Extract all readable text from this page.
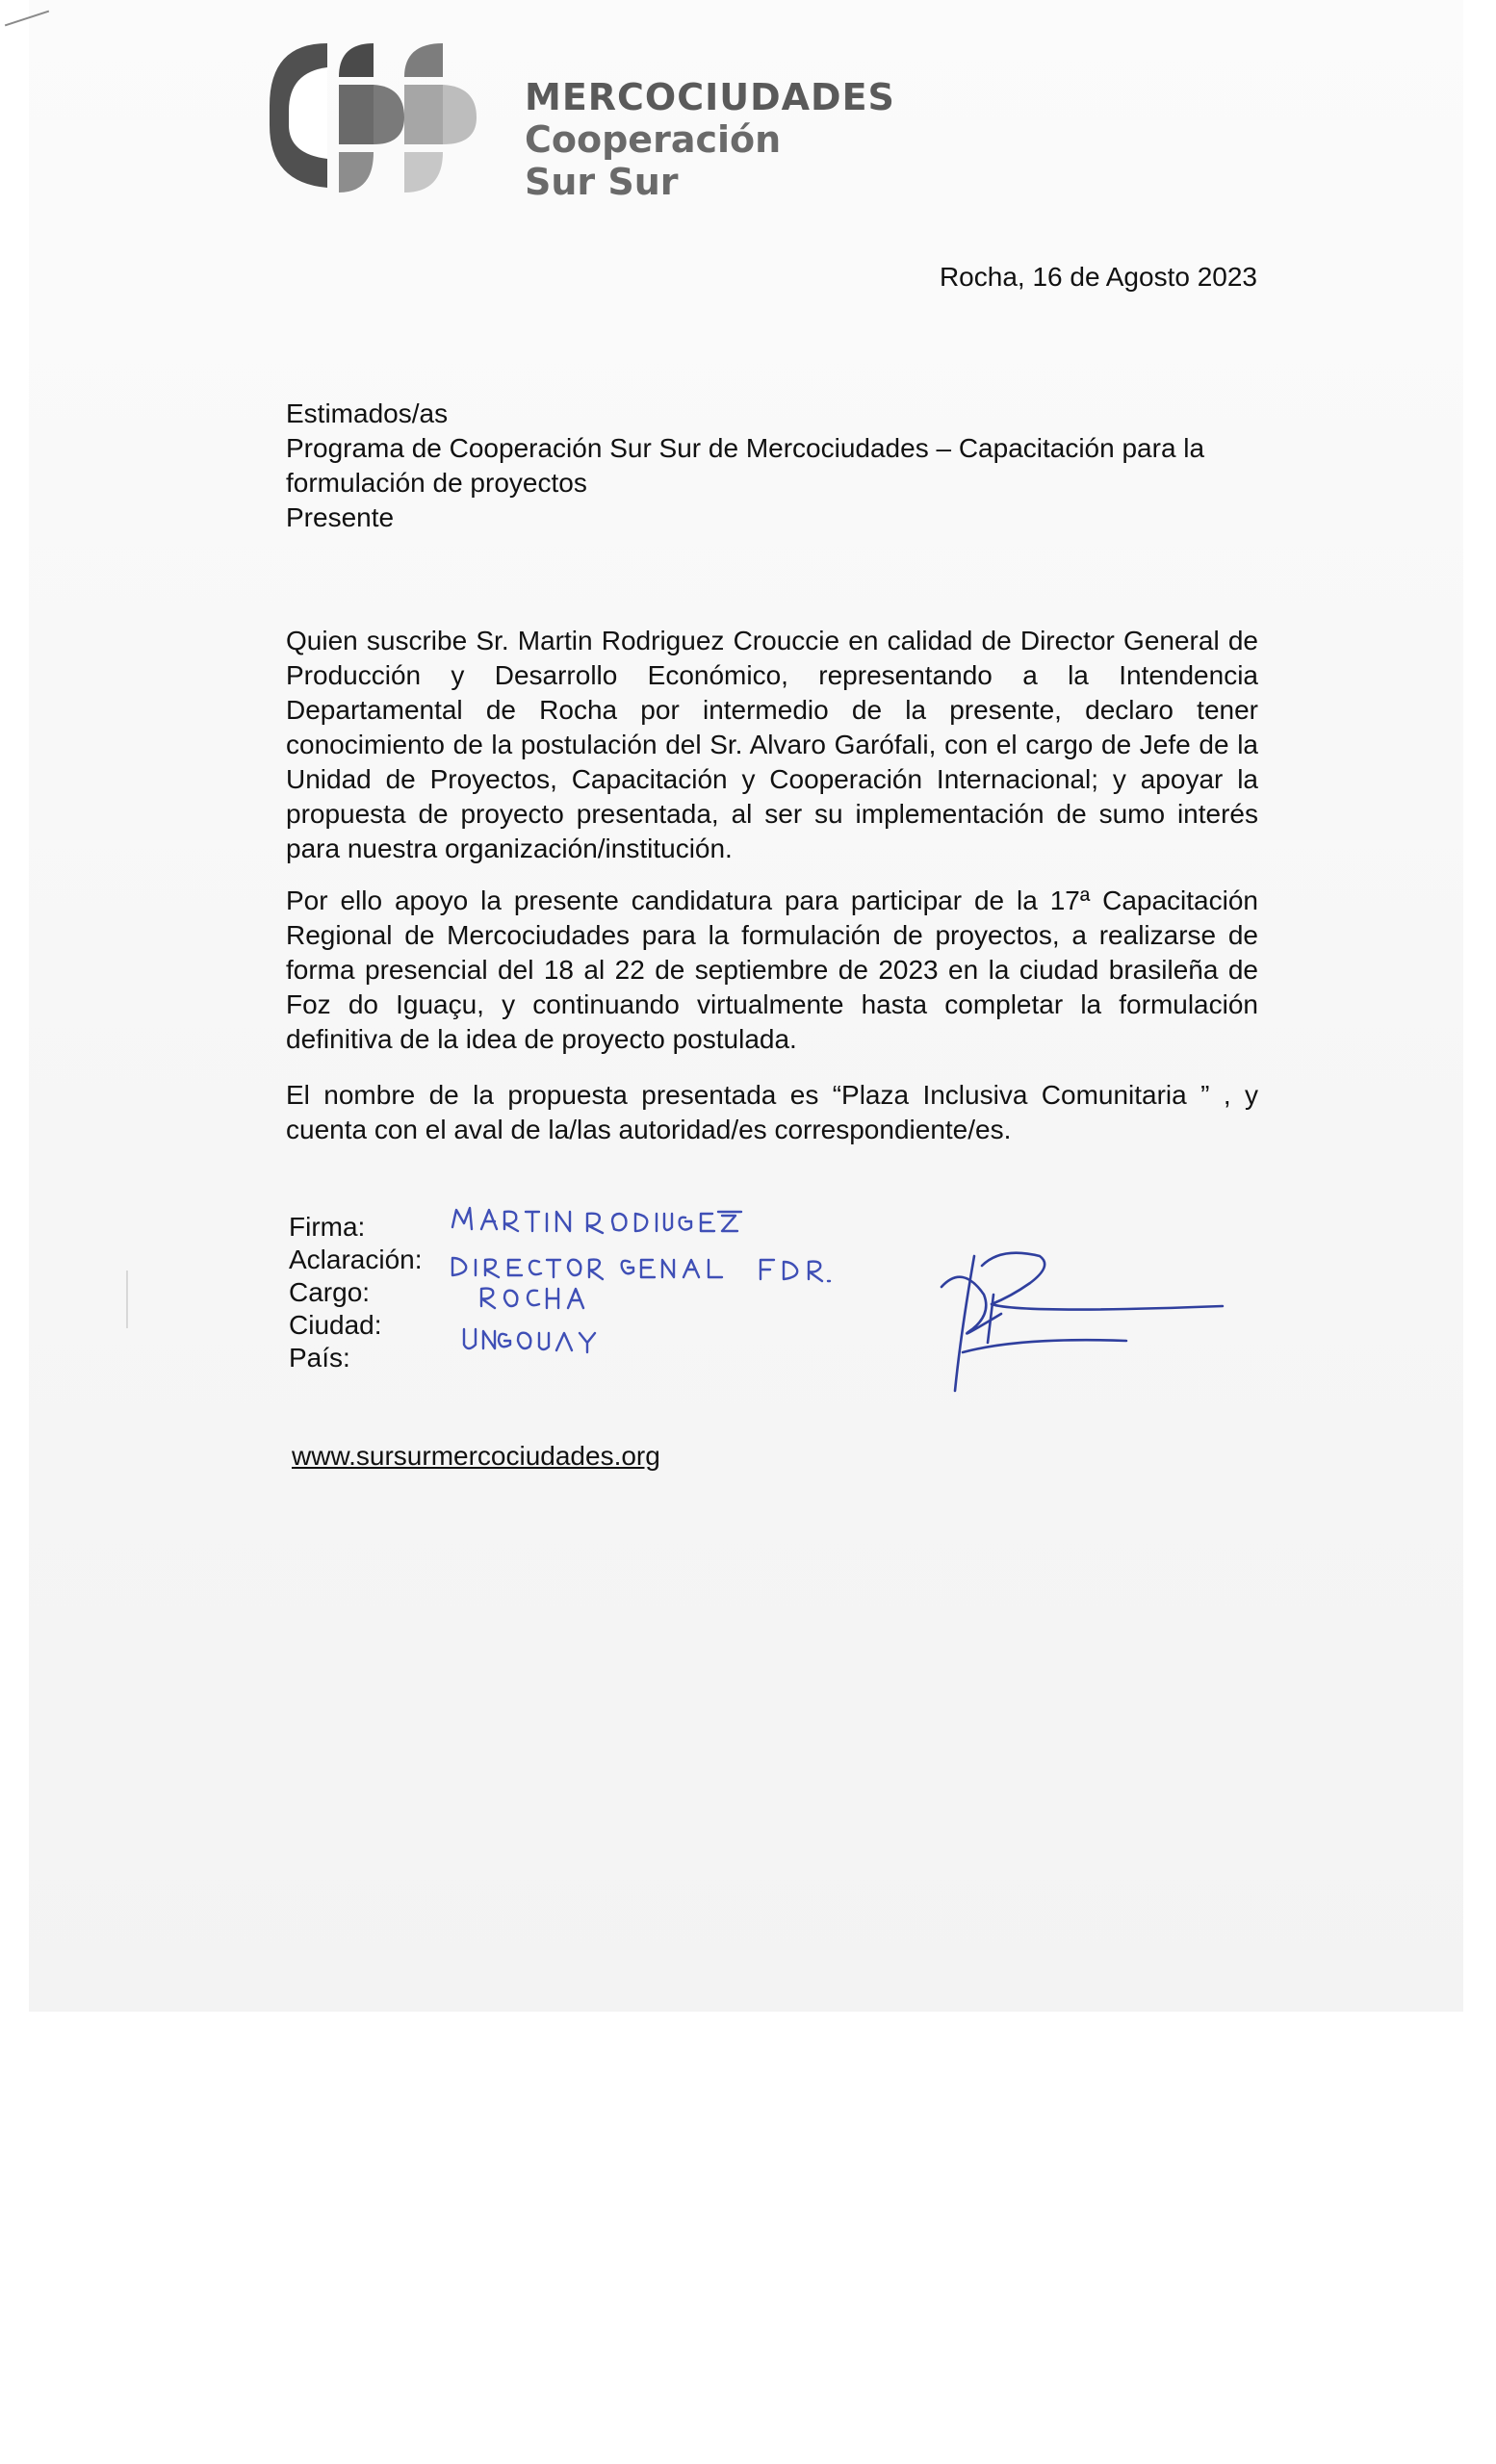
MERCOCIUDADES
Cooperación
Sur Sur
Rocha, 16 de Agosto 2023
Estimados/as
Programa de Cooperación Sur Sur de Mercociudades – Capacitación para la formulación de proyectos
Presente
Quien suscribe Sr. Martin Rodriguez Crouccie en calidad de Director General de Producción y Desarrollo Económico, representando a la Intendencia Departamental de Rocha por intermedio de la presente, declaro tener conocimiento de la postulación del Sr. Alvaro Garófali, con el cargo de Jefe de la Unidad de Proyectos, Capacitación y Cooperación Internacional; y apoyar la propuesta de proyecto presentada, al ser su implementación de sumo interés para nuestra organización/institución.
Por ello apoyo la presente candidatura para participar de la 17ª Capacitación Regional de Mercociudades para la formulación de proyectos, a realizarse de forma presencial del 18 al 22 de septiembre de 2023 en la ciudad brasileña de Foz do Iguaçu, y continuando virtualmente hasta completar la formulación definitiva de la idea de proyecto postulada.
El nombre de la propuesta presentada es “Plaza Inclusiva Comunitaria ” , y cuenta con el aval de la/las autoridad/es correspondiente/es.
Firma:
Aclaración:
Cargo:
Ciudad:
País:
www.sursurmercociudades.org
